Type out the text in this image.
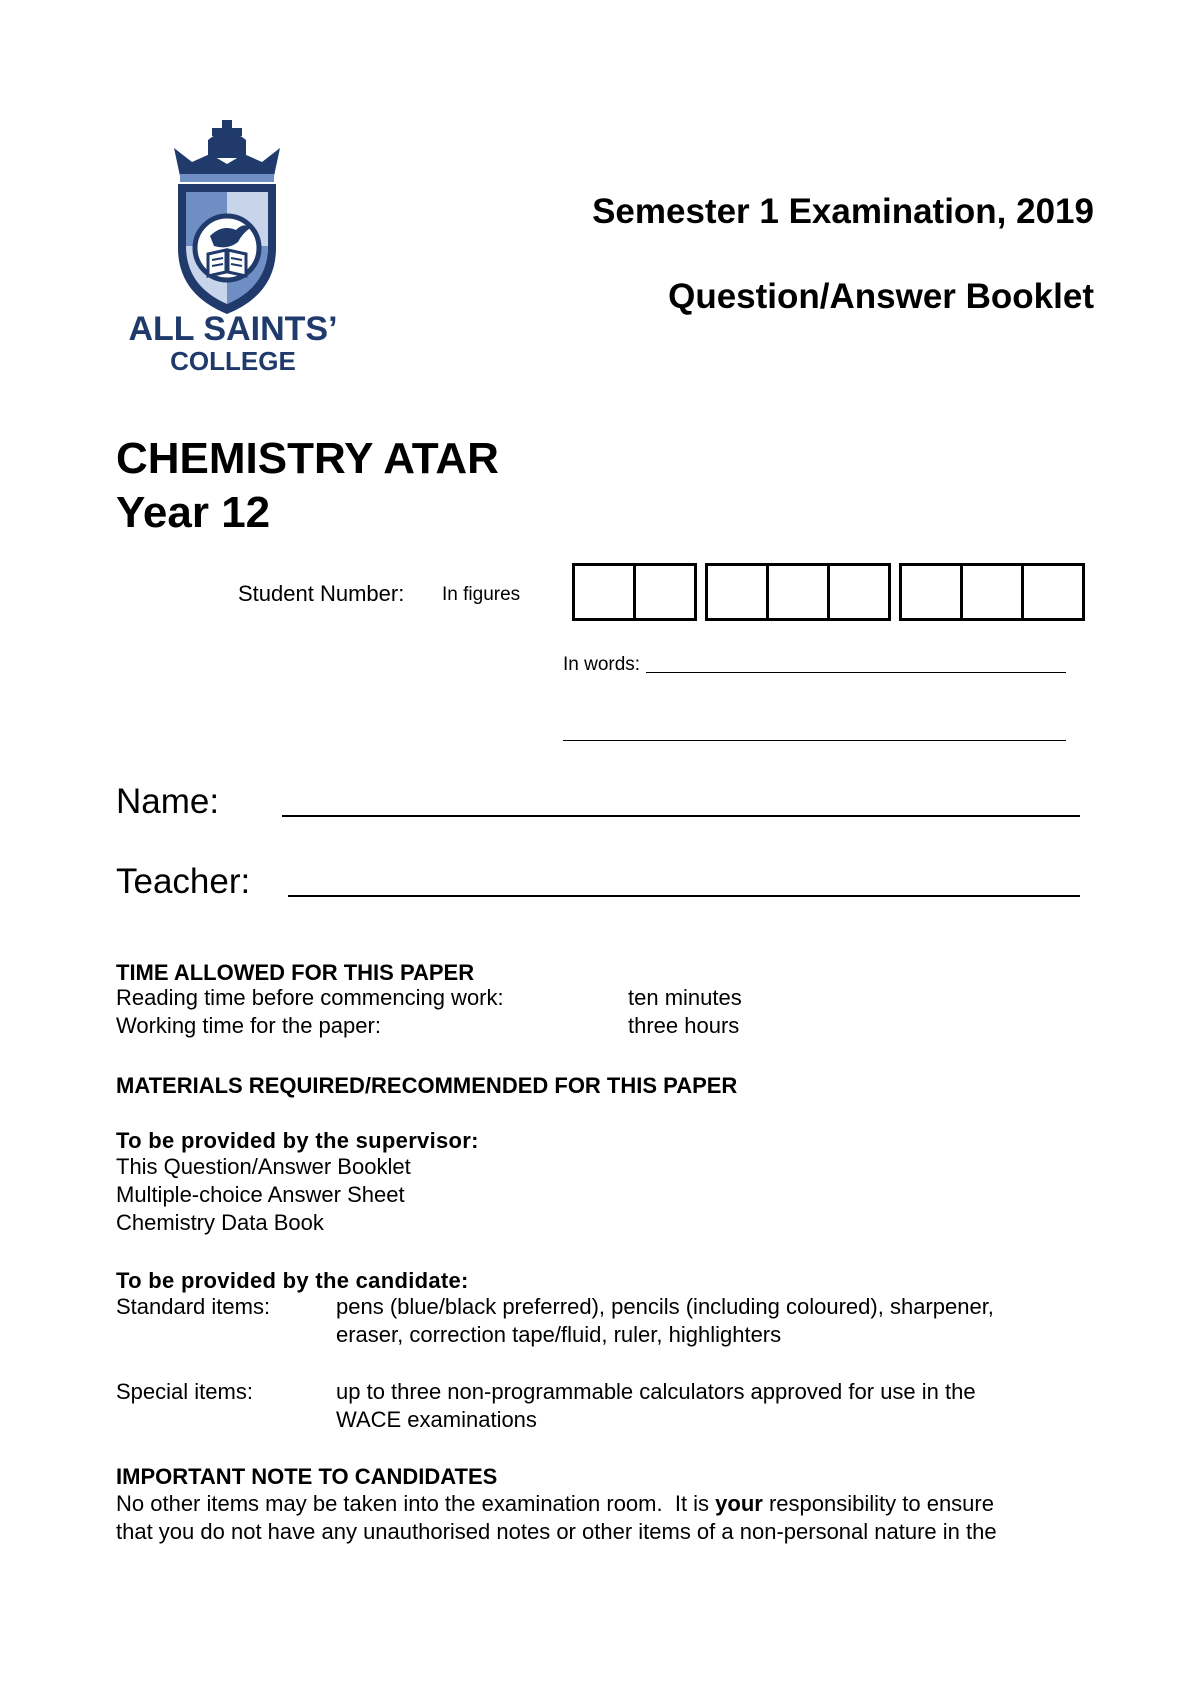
ALL SAINTS’
COLLEGE
Semester 1 Examination, 2019
Question/Answer Booklet
CHEMISTRY ATAR
Year 12
Student Number: In figures
In words:
Name:
Teacher:
TIME ALLOWED FOR THIS PAPER
Reading time before commencing work:	ten minutes
Working time for the paper:	three hours
MATERIALS REQUIRED/RECOMMENDED FOR THIS PAPER
To be provided by the supervisor:
This Question/Answer Booklet
Multiple-choice Answer Sheet
Chemistry Data Book
To be provided by the candidate:
Standard items:	pens (blue/black preferred), pencils (including coloured), sharpener,
eraser, correction tape/fluid, ruler, highlighters
Special items:	up to three non-programmable calculators approved for use in the
WACE examinations
IMPORTANT NOTE TO CANDIDATES
No other items may be taken into the examination room.  It is your responsibility to ensure
that you do not have any unauthorised notes or other items of a non-personal nature in the
